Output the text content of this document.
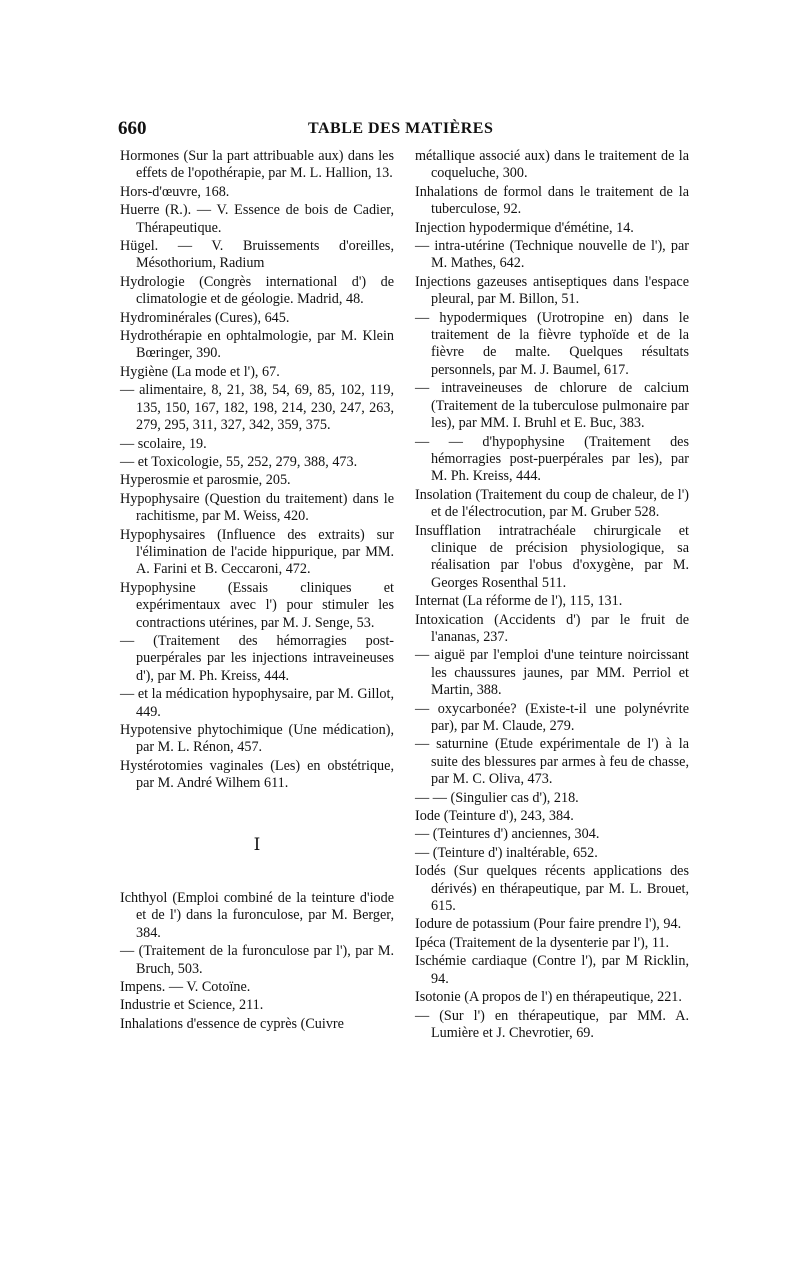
660	TABLE DES MATIÈRES

Hormones (Sur la part attribuable aux) dans les effets de l'opothérapie, par M. L. Hallion, 13.

Hors-d'œuvre, 168.

Huerre (R.). — V. Essence de bois de Cadier, Thérapeutique.

Hügel. — V. Bruissements d'oreilles, Mésothorium, Radium

Hydrologie (Congrès international d') de climatologie et de géologie. Madrid, 48.

Hydrominérales (Cures), 645.

Hydrothérapie en ophtalmologie, par M. Klein Bœringer, 390.

Hygiène (La mode et l'), 67.

— alimentaire, 8, 21, 38, 54, 69, 85, 102, 119, 135, 150, 167, 182, 198, 214, 230, 247, 263, 279, 295, 311, 327, 342, 359, 375.

— scolaire, 19.

— et Toxicologie, 55, 252, 279, 388, 473.

Hyperosmie et parosmie, 205.

Hypophysaire (Question du traitement) dans le rachitisme, par M. Weiss, 420.

Hypophysaires (Influence des extraits) sur l'élimination de l'acide hippurique, par MM. A. Farini et B. Ceccaroni, 472.

Hypophysine (Essais cliniques et expérimentaux avec l') pour stimuler les contractions utérines, par M. J. Senge, 53.

— (Traitement des hémorragies post-puerpérales par les injections intraveineuses d'), par M. Ph. Kreiss, 444.

— et la médication hypophysaire, par M. Gillot, 449.

Hypotensive phytochimique (Une médication), par M. L. Rénon, 457.

Hystérotomies vaginales (Les) en obstétrique, par M. André Wilhem 611.

I

Ichthyol (Emploi combiné de la teinture d'iode et de l') dans la furonculose, par M. Berger, 384.

— (Traitement de la furonculose par l'), par M. Bruch, 503.

Impens. — V. Cotoïne.

Industrie et Science, 211.

Inhalations d'essence de cyprès (Cuivre

métallique associé aux) dans le traitement de la coqueluche, 300.

Inhalations de formol dans le traitement de la tuberculose, 92.

Injection hypodermique d'émétine, 14.

— intra-utérine (Technique nouvelle de l'), par M. Mathes, 642.

Injections gazeuses antiseptiques dans l'espace pleural, par M. Billon, 51.

— hypodermiques (Urotropine en) dans le traitement de la fièvre typhoïde et de la fièvre de malte. Quelques résultats personnels, par M. J. Baumel, 617.

— intraveineuses de chlorure de calcium (Traitement de la tuberculose pulmonaire par les), par MM. I. Bruhl et E. Buc, 383.

— — d'hypophysine (Traitement des hémorragies post-puerpérales par les), par M. Ph. Kreiss, 444.

Insolation (Traitement du coup de chaleur, de l') et de l'électrocution, par M. Gruber 528.

Insufflation intratrachéale chirurgicale et clinique de précision physiologique, sa réalisation par l'obus d'oxygène, par M. Georges Rosenthal 511.

Internat (La réforme de l'), 115, 131.

Intoxication (Accidents d') par le fruit de l'ananas, 237.

— aiguë par l'emploi d'une teinture noircissant les chaussures jaunes, par MM. Perriol et Martin, 388.

— oxycarbonée? (Existe-t-il une polynévrite par), par M. Claude, 279.

— saturnine (Etude expérimentale de l') à la suite des blessures par armes à feu de chasse, par M. C. Oliva, 473.

— — (Singulier cas d'), 218.

Iode (Teinture d'), 243, 384.

— (Teintures d') anciennes, 304.

— (Teinture d') inaltérable, 652.

Iodés (Sur quelques récents applications des dérivés) en thérapeutique, par M. L. Brouet, 615.

Iodure de potassium (Pour faire prendre l'), 94.

Ipéca (Traitement de la dysenterie par l'), 11.

Ischémie cardiaque (Contre l'), par M Ricklin, 94.

Isotonie (A propos de l') en thérapeutique, 221.

— (Sur l') en thérapeutique, par MM. A. Lumière et J. Chevrotier, 69.
